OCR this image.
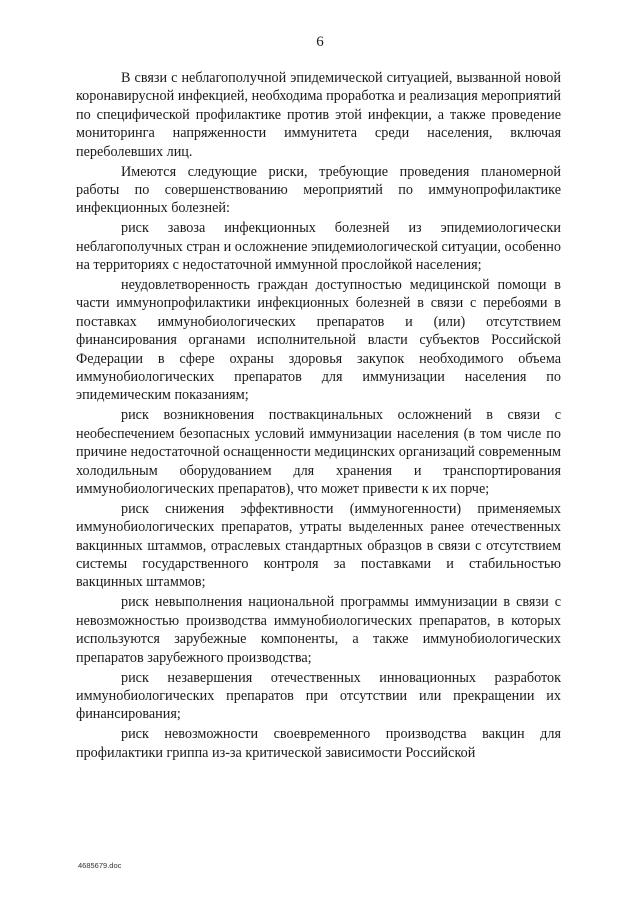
6

В связи с неблагополучной эпидемической ситуацией, вызванной новой коронавирусной инфекцией, необходима проработка и реализация мероприятий по специфической профилактике против этой инфекции, а также проведение мониторинга напряженности иммунитета среди населения, включая переболевших лиц.

Имеются следующие риски, требующие проведения планомерной работы по совершенствованию мероприятий по иммунопрофилактике инфекционных болезней:

риск завоза инфекционных болезней из эпидемиологически неблагополучных стран и осложнение эпидемиологической ситуации, особенно на территориях с недостаточной иммунной прослойкой населения;

неудовлетворенность граждан доступностью медицинской помощи в части иммунопрофилактики инфекционных болезней в связи с перебоями в поставках иммунобиологических препаратов и (или) отсутствием финансирования органами исполнительной власти субъектов Российской Федерации в сфере охраны здоровья закупок необходимого объема иммунобиологических препаратов для иммунизации населения по эпидемическим показаниям;

риск возникновения поствакцинальных осложнений в связи с необеспечением безопасных условий иммунизации населения (в том числе по причине недостаточной оснащенности медицинских организаций современным холодильным оборудованием для хранения и транспортирования иммунобиологических препаратов), что может привести к их порче;

риск снижения эффективности (иммуногенности) применяемых иммунобиологических препаратов, утраты выделенных ранее отечественных вакцинных штаммов, отраслевых стандартных образцов в связи с отсутствием системы государственного контроля за поставками и стабильностью вакцинных штаммов;

риск невыполнения национальной программы иммунизации в связи с невозможностью производства иммунобиологических препаратов, в которых используются зарубежные компоненты, а также иммунобиологических препаратов зарубежного производства;

риск незавершения отечественных инновационных разработок иммунобиологических препаратов при отсутствии или прекращении их финансирования;

риск невозможности своевременного производства вакцин для профилактики гриппа из-за критической зависимости Российской

4685679.doc
